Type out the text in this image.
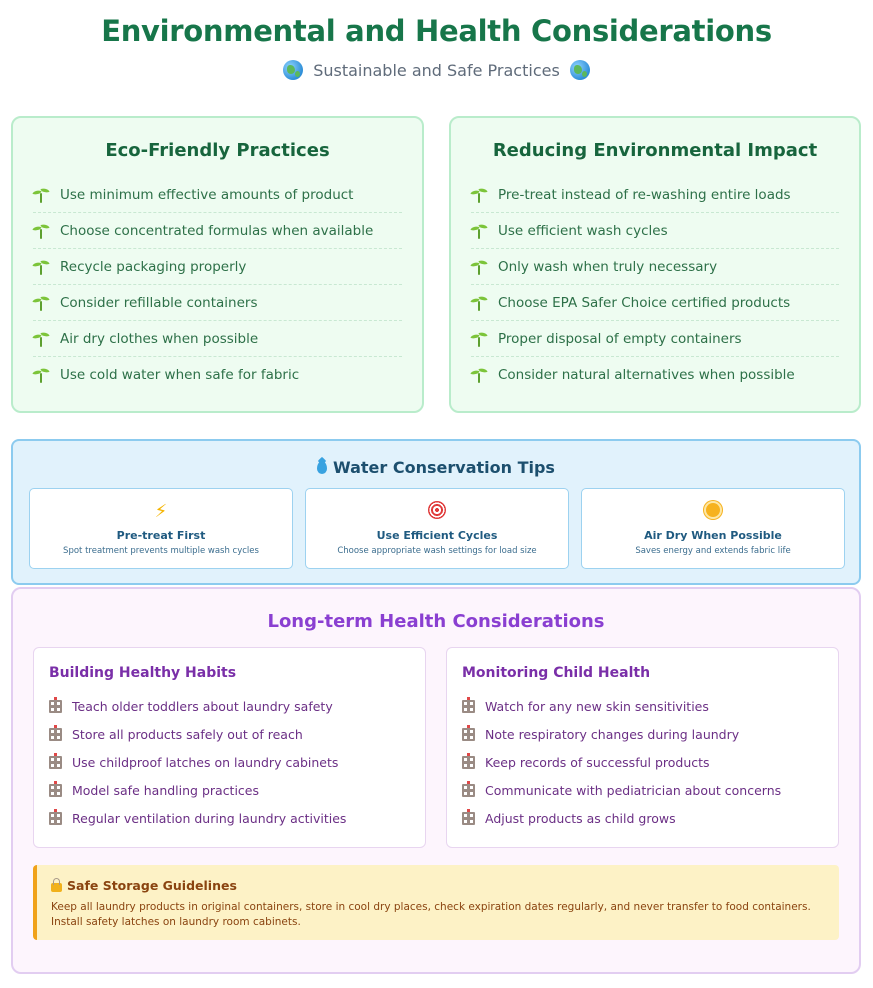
Environmental and Health Considerations
Sustainable and Safe Practices
Eco-Friendly Practices
Use minimum effective amounts of product
Choose concentrated formulas when available
Recycle packaging properly
Consider refillable containers
Air dry clothes when possible
Use cold water when safe for fabric
Reducing Environmental Impact
Pre-treat instead of re-washing entire loads
Use efficient wash cycles
Only wash when truly necessary
Choose EPA Safer Choice certified products
Proper disposal of empty containers
Consider natural alternatives when possible
Water Conservation Tips
⚡
Pre-treat First
Spot treatment prevents multiple wash cycles
Use Efficient Cycles
Choose appropriate wash settings for load size
Air Dry When Possible
Saves energy and extends fabric life
Long-term Health Considerations
Building Healthy Habits
Teach older toddlers about laundry safety
Store all products safely out of reach
Use childproof latches on laundry cabinets
Model safe handling practices
Regular ventilation during laundry activities
Monitoring Child Health
Watch for any new skin sensitivities
Note respiratory changes during laundry
Keep records of successful products
Communicate with pediatrician about concerns
Adjust products as child grows
Safe Storage Guidelines

Keep all laundry products in original containers, store in cool dry places, check expiration dates regularly, and never transfer to food containers. Install safety latches on laundry room cabinets.
